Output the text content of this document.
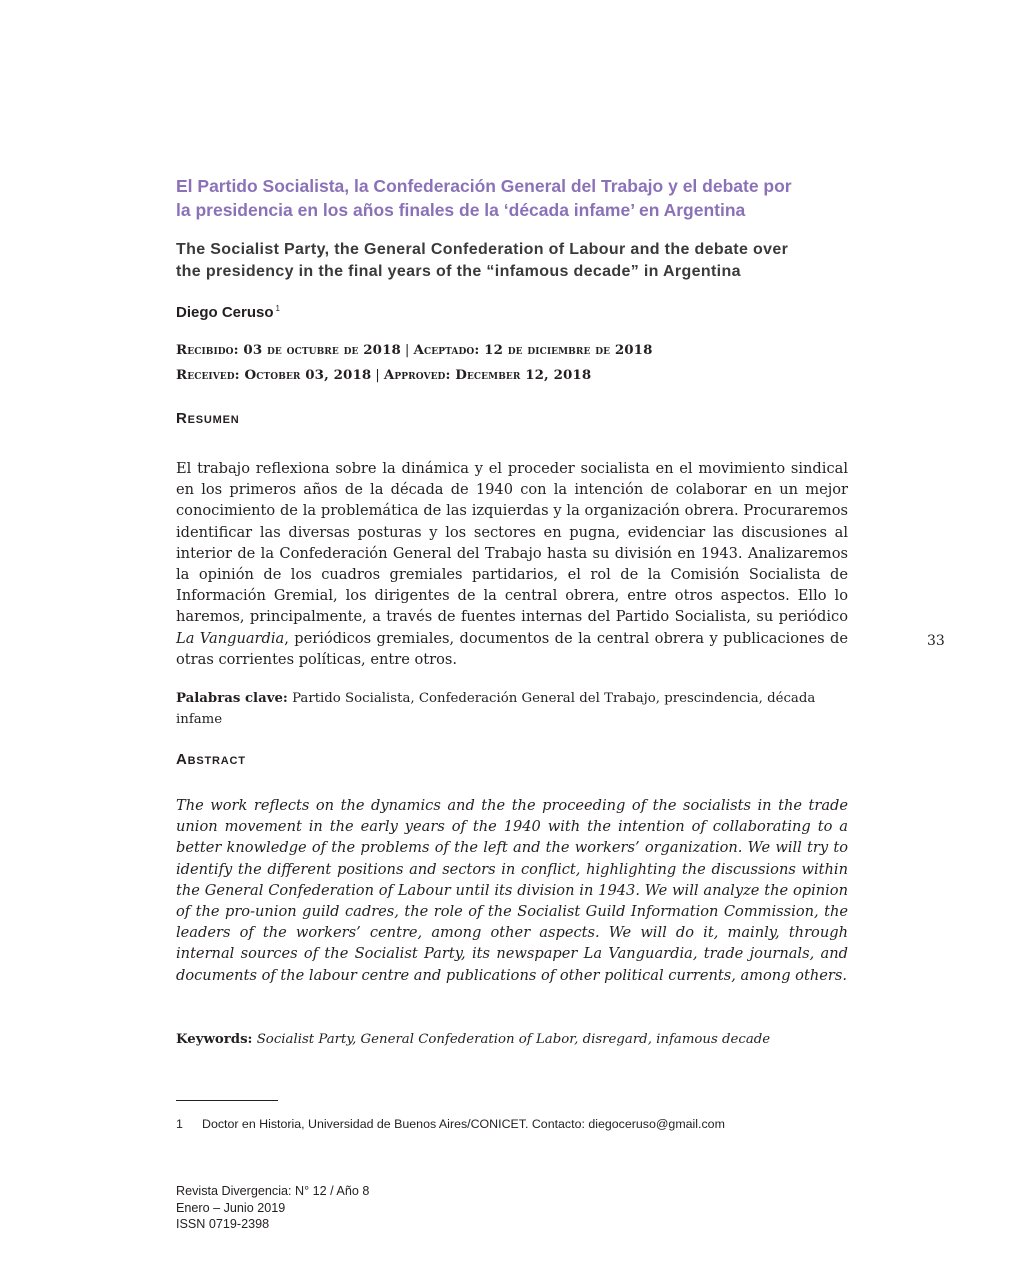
El Partido Socialista, la Confederación General del Trabajo y el debate por
la presidencia en los años finales de la ‘década infame’ en Argentina
The Socialist Party, the General Confederation of Labour and the debate over
the presidency in the final years of the “infamous decade” in Argentina

Diego Ceruso $^1$

Recibido: 03 de octubre de 2018 | Aceptado: 12 de diciembre de 2018

Received: October 03, 2018 | Approved: December 12, 2018

Resumen

El trabajo reflexiona sobre la dinámica y el proceder socialista en el movimiento sindical en los primeros años de la década de 1940 con la intención de colaborar en un mejor conocimiento de la problemática de las izquierdas y la organización obrera. Procuraremos identificar las diversas posturas y los sectores en pugna, evidenciar las discusiones al interior de la Confederación General del Trabajo hasta su división en 1943. Analizaremos la opinión de los cuadros gremiales partidarios, el rol de la Comisión Socialista de Información Gremial, los dirigentes de la central obrera, entre otros aspectos. Ello lo haremos, principalmente, a través de fuentes internas del Partido Socialista, su periódico La Vanguardia, periódicos gremiales, documentos de la central obrera y publicaciones de otras corrientes políticas, entre otros.

Palabras clave: Partido Socialista, Confederación General del Trabajo, prescindencia, década infame

33

Abstract

The work reflects on the dynamics and the the proceeding of the socialists in the trade union movement in the early years of the 1940 with the intention of collaborating to a better knowledge of the problems of the left and the workers’ organization. We will try to identify the different positions and sectors in conflict, highlighting the discussions within the General Confederation of Labour until its division in 1943. We will analyze the opinion of the pro-union guild cadres, the role of the Socialist Guild Information Commission, the leaders of the workers’ centre, among other aspects. We will do it, mainly, through internal sources of the Socialist Party, its newspaper La Vanguardia, trade journals, and documents of the labour centre and publications of other political currents, among others.

Keywords: Socialist Party, General Confederation of Labor, disregard, infamous decade

1 Doctor en Historia, Universidad de Buenos Aires/CONICET. Contacto: diegoceruso@gmail.com

Revista Divergencia: N° 12 / Año 8
Enero – Junio 2019
ISSN 0719-2398
